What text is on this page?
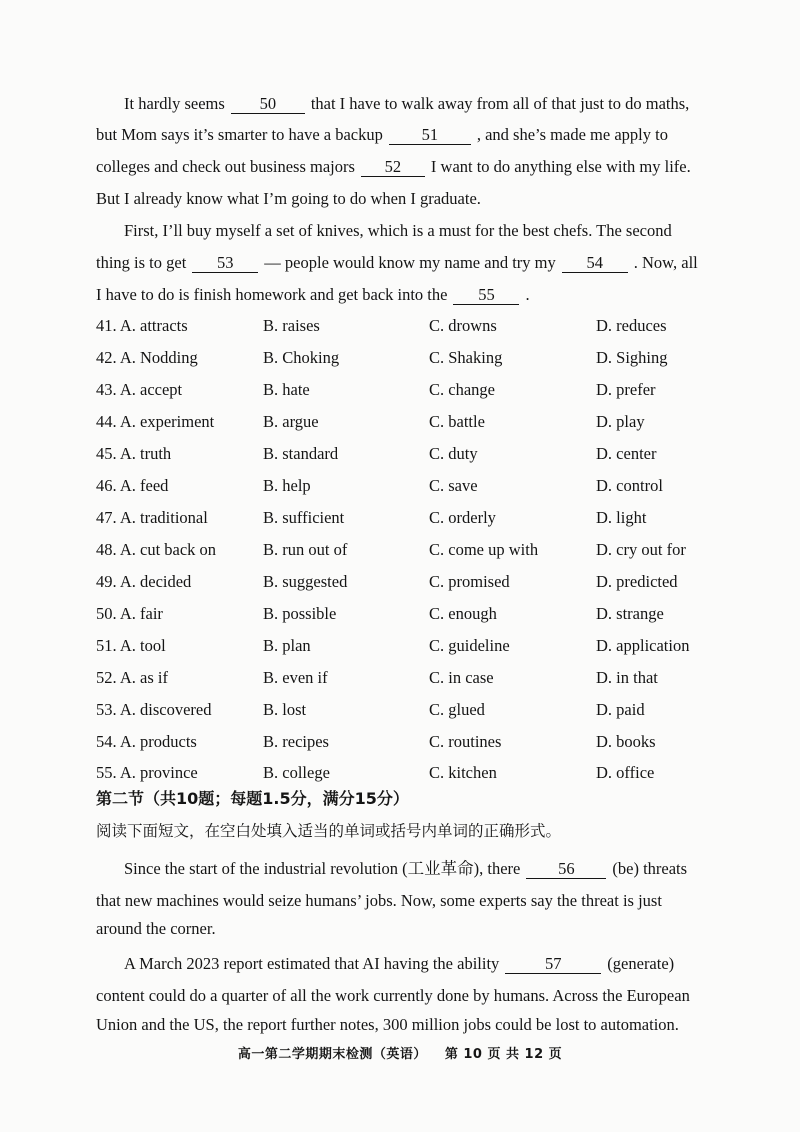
It hardly seems 50 that I have to walk away from all of that just to do maths,
but Mom says it’s smarter to have a backup 51 , and she’s made me apply to
colleges and check out business majors 52 I want to do anything else with my life.
But I already know what I’m going to do when I graduate.
First, I’ll buy myself a set of knives, which is a must for the best chefs. The second
thing is to get 53 — people would know my name and try my 54 . Now, all
I have to do is finish homework and get back into the 55 .
41. A. attracts	B. raises	C. drowns	D. reduces
42. A. Nodding	B. Choking	C. Shaking	D. Sighing
43. A. accept	B. hate	C. change	D. prefer
44. A. experiment	B. argue	C. battle	D. play
45. A. truth	B. standard	C. duty	D. center
46. A. feed	B. help	C. save	D. control
47. A. traditional	B. sufficient	C. orderly	D. light
48. A. cut back on	B. run out of	C. come up with	D. cry out for
49. A. decided	B. suggested	C. promised	D. predicted
50. A. fair	B. possible	C. enough	D. strange
51. A. tool	B. plan	C. guideline	D. application
52. A. as if	B. even if	C. in case	D. in that
53. A. discovered	B. lost	C. glued	D. paid
54. A. products	B. recipes	C. routines	D. books
55. A. province	B. college	C. kitchen	D. office
第二节（共10题；每题1.5分，满分15分）
阅读下面短文，在空白处填入适当的单词或括号内单词的正确形式。
Since the start of the industrial revolution (工业革命), there 56 (be) threats
that new machines would seize humans’ jobs. Now, some experts say the threat is just
around the corner.
A March 2023 report estimated that AI having the ability	57	(generate)
content could do a quarter of all the work currently done by humans. Across the European
Union and the US, the report further notes, 300 million jobs could be lost to automation.
高一第二学期期末检测（英语） 第 10 页 共 12 页
